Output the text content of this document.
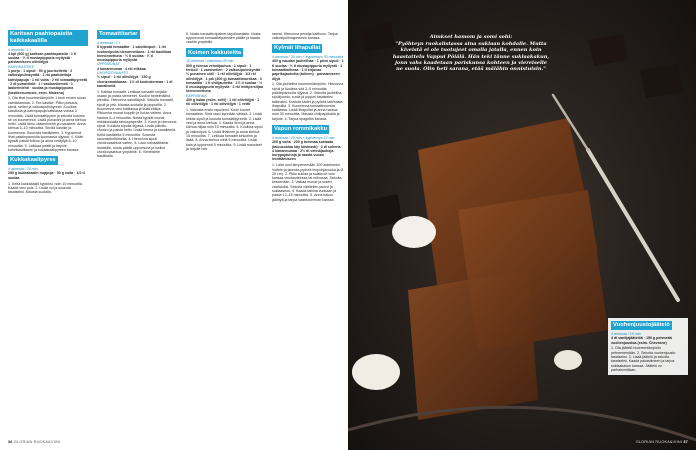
Karitsan paahtopaistia kaikkakaalilla
4 annosta / 1 t
4 kpl (600 g) karitsan paahtopaistia · 1 tl suolaa · ½ tl mustapippuria myllystä · paistamiseen oliiviöljyä
KAHVIKASTIKE
1 purjo · 1 sipuli · 50 g juuriselleriä · 2 valkosipulinkynttä · 2 rkl paahdettuja kahvipapuja · 1 rkl voita · 2 rkl tomaattipyreetä · 2 dl punaviiniä · 1 l vasikanliemeä · 1 laakerinlehti · suolaa ja mustapippuria (kastikesuuruste, esim. Maizena)
1. Ota lihat huoneenlämpöön 1 tunti ennen ruuan valmistamista. 2. Tee kastike. Pilko purkaus, sipuli, selleri ja valkosipulinkynnet. Kuullota kasviksia ja kahvipapuja kattilassa voissa 3 minuuttia. Lisää tomaattipyree ja sekoita kunnes se on kuumennut. Lisää punaviini ja anna kiehua hetki. Lisää liemi, laakerinlehti ja mausteet. Anna kiehua 5–10 minuuttia. Siivilöi kastike ja kuumenna. Suurusta kastikkeen. 3. Kypsennä lihat paistinpannulla kuumassa öljyssä. 4. Kääri kypsät paistit folioon ja anna vetäytyä 5–10 minuuttia. 5. Leikkaa paistit ja tarjoile kahvikastikkeen ja kukkakaalipyreen kanssa.
Kukkakaalipyree
4 annosta / 20 min
250 g kukkakaalin nuppuja · 50 g voita · 1/2 tl suolaa
1. Keitä kukkakaalit kypsiksi, noin 10 minuuttia. Kaada vesi pois. 2. Lisää voi ja soseuta tasaiseksi. Mausta suolalla.
Tomaattitartar
4 annosta / 1 t
8 kypsää tomaattia · 1 salottisipuli · 1 rkl ruohosipulia hienonnettuna · 1 rkl basilikaa hienonnettuna · ½ tl suolaa · ½ tl mustapippuria myllystä
UPPOMUNAT
4 kananmunaa · 4 rkl etikkaa
CHORIZOVAAHTO
½ sipuli · 2 rkl oliiviöljyä · 150 g chorizomakkaraa · 1½ dl kuohukermaa · 1 dl kanaliemiä
1. Kalttaa tomaatit. Leikkaa tomaatit neljään osaan ja poista siemenet. Kuutioi hedelmäliha pieniksi. Hienonna salottisipuli. Sekoita tomaatit, sipuli ja yrtit. Mausta suolalla ja pippurilla. 2. Kuumenna vesi kattilassa ja lisää etikka. Rikkonna munat kuppiin ja liu'uta veteen. Anna hautua 3–4 minuuttia. Nosta kypsät munat reikäkauhalla talouspaperille. 3. Kuori ja hienonna sipuli. Kuullota sipulia öljyssä. Lisää pilkottu chorizo ja paista hetki. Lisää kerma ja kanaliemiä. Keitä kastiketta 5 minuuttia. Soseuta sauvasekoittimella. 4. Hienonna sipuli chorizovaahtoa varten. 5. Lado tomaattitartar lautasille, nosta päälle uppomuna ja lusikoi chorizovaahtoa ympärille. 6. Viimeistele basilikalla.
6. Nosta tomaattiviipaleet tarjoiluastialle. Nosta uppomunat tomaattiviipaleiden päälle ja kaada vaahto ympärille.
Kolmen kakkuteltta
10 annosta / valmistus 45 min
500 g hienoa vehnäjauhoa · 1 sipuli · 1 fenkoli · 1 varsiselleri · 2 valkosipulinkynttä · ½ punainen chili · 1 rkl oliiviöljyä · 1/2 rkl oliiviöljyä · 1 prk (400 g) tomaattimurskaa · 3 tomaattia · 1 tl chilijauhetta · 1½ tl suolaa · ½ tl mustapippuria myllystä · 2 rkl lehtipersiljaa hienonnettuna
KAPRISHAA
400 g kalaa (esim. seiti) · 1 rkl oliiviöljyä · 1 rkl oliiviöljyä · 1 rkl oliiviöljyä · 1 veitti
1. Valmista ensin rapuliemi. Kuori kuoret tomaatista. Sirrä rasvi kynnään välissä. 2. Lisää kirkas sipuli ja kuulota tomaattipyreetä. 3. Lisää vesi ja anna kiehua. 4. Kaada liemi ja anna kiehua hiljaa noin 15 minuuttia. 5. Kuullota sipuli ja valkosipuli. 6. Lisää lihaliemi ja anna kiehua 15 minuuttia. 7. Leikkaa tomaatit lohkoihin ja lisää. 8. Anna kiehua vielä 5 minuuttia. Lisää kala ja kypsennä 5 minuuttia. 9. Lisää mausteet ja tarjoile heti.
rasvat. Hienonna persilja kattiloon. Tarjoa valkosipulimajoneesin kanssa.
Kylmät lihapullat
4 annosta / 30 min + kypsennys 30 minuuttia
400 g naudan jauhelihaa · 1 pieni sipuli · 1 tl suolaa · ½ tl mustapippuria myllystä · 1 tomaattimiheaa · 1 tl kirjavaa paprikajauhetta (tulinen) · paistamiseen öljyä
1. Ota jauheliha huoneenlämpöön. Hienonna sipuli ja kuullota sitä 3–5 minuuttia paistinpannulla öljyssä. 2. Sekoita jauheliha, sipulijuusto, suola ja pippuri tasaiseksi taikinaksi. Kostuta kädet ja pyöritä taikinasta lihapullia. 3. Kuumenna tomaattimurska kattilassa. Lisää lihapullat ja anna hautua noin 30 minuuttia. Mausta chilipaprikalla ja tarjoile. 4. Tarjoa spagettin kanssa.
Vapun rommikakku
4 annosta / 20 min + kypsennys 12 min
200 g voita · 200 g tummaa suklaata (talousuklaa käy kiisteasti) · 2 dl sokeria · 4 kananmunaa · 2½ dl vehnäjauhoja · korppujauhoja ja raasta vuoan leivittämiseen
1. Laita uuni lämpenemään 200 asteeseen. Voitele ja jauhota pyöreä irtopohjavuoka ja Ø 25 cm). 2. Pilko suklaa ja sulata se voin kanssa vesihauteessa tai mikrossa. Sekoita keskenään. 3. Vatkaa munat ja sokeri vaahdoksi. Sekoita vähitellen jauhot ja suklaaseos. 4. Kaada taikina vuokaan ja paista 12–15 minuuttia. 5. Anna kakun jäähtyä ja tarjoa vaahtokerman kanssa.
36 GLORIAN RUOKA&VIINI
Aimkset hamom ja somi sohi:
"Pyöhteyn ruokalistassa aina suklaan kohdalle. Mutta kiveistä ei ole tuotujeet omalla jatalla, ennen koin haastattelu Vappui Pöiälä. Hän teki tänne suklaakakun, jonn vahs kaadetaan pariskunsa kohteen ja viereiselle ne suola. Olin heti sarana, etää mälähin onnistuisin."
Vuohenjuustojäätelö
4 annosta / 15 min
4 dl vaniljajäätelöä · 150 g pehmeää vuohenjuustoa (esim. Chevrone)
1. Ota jäätelö huoneenlämpöön pehmenemään. 2. Sekoita vuohenjuusto tasaiseksi. 3. Lisää jäätelö ja sekoita tasaiseksi. Kaada pakastimeen ja tarjoa suklaakakun kanssa. Jäätelö on parhaimmillaan.
GLORIAN RUOKA&VIINI 37
